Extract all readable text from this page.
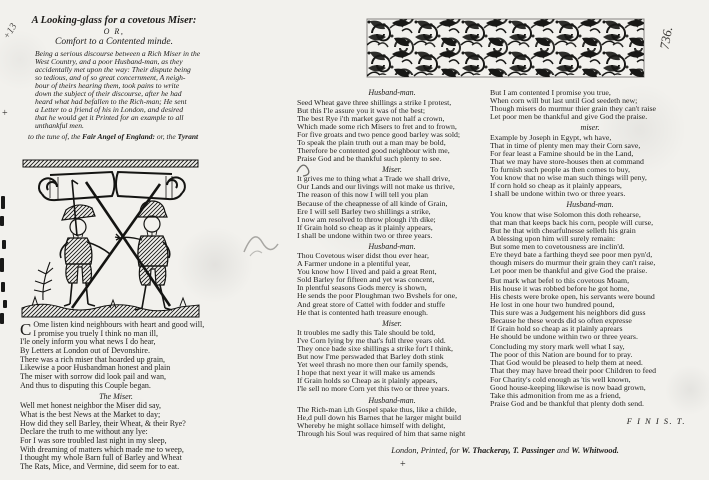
+13
+
736.
+
A Looking-glass for a covetous Miser:
O R,
Comfort to a Contented minde.
Being a serious discourse between a Rich Miser in the
West Country, and a poor Husband-man, as they
accidentally met upon the way: Their dispute being
so tedious, and of so great concernment, A neigh-
bour of theirs hearing them, took pains to write
down the subject of their discourse, after he had
heard what had befallen to the Rich-man; He sent
a Letter to a friend of his in London, and desired
that he would get it Printed for an example to all
unthankful men.
to the tune of, the Fair Angel of England: or, the Tyrant
C Ome listen kind neighbours with heart and good will,
I promise you truely I think no man ill,
I'le onely inform you what news I do hear,
By Letters at London out of Devonshire.
There was a rich miser that hoarded up grain,
Likewise a poor Husbandman honest and plain
The miser with sorrow did look pail and wan,
And thus to disputing this Couple began.
The Miser.
Well met honest neighbor the Miser did say,
What is the best News at the Market to day;
How did they sell Barley, their Wheat, & their Rye?
Declare the truth to me without any lye:
For I was sore troubled last night in my sleep,
With dreaming of matters which made me to weep,
I thought my whole Barn full of Barley and Wheat
The Rats, Mice, and Vermine, did seem for to eat.
Husband-man.
Seed Wheat gave three shillings a strike I protest,
But this I'le assure you it was of the best;
The best Rye i'th market gave not half a crown,
Which made some rich Misers to fret and to frown,
For five groats and two pence good barley was sold;
To speak the plain truth out a man may be bold,
Therefore be contented good neighbour with me,
Praise God and be thankful such plenty to see.
Miser.
It grives me to thing what a Trade we shall drive,
Our Lands and our livings will not make us thrive,
The reason of this now I will tell you plan
Because of the cheapnesse of all kinde of Grain,
Ere I will sell Barley two shillings a strike,
I now am resolved to throw plough i'th dike;
If Grain hold so cheap as it plainly appears,
I shall be undone within two or three years.
Husband-man.
Thou Covetous wiser didst thou ever hear,
A Farmer undone in a plentiful year,
You know how I lived and paid a great Rent,
Sold Barley for fifteen and yet was concent,
In plentful seasons Gods mercy is shown,
He sends the poor Ploughman two Bvshels for one,
And great store of Cattel with fodder and stuffe
He that is contented hath treasure enough.
Miser.
It troubles me sadly this Tale should be told,
I've Corn lying by me that's full three years old.
They once bade sixe shillings a strike for't I think,
But now I'me perswaded that Barley doth stink
Yet weel thrash no more then our family spends,
I hope that next year it will make us amends
If Grain holds so Cheap as it plainly appears,
I'le sell no more Corn yet this two or three years.
Husband-man.
The Rich-man i,th Gospel spake thus, like a childe,
He,d pull down his Barnes that he larger might build
Whereby he might sollace himself with delight,
Through his Soul was required of him that same night
But I am contented I promise you true,
When corn will but last until God seedeth new;
Though misers do murmur thier grain they can't raise
Let poor men be thankful and give God the praise.
miser.
Example by Joseph in Egypt, wh have,
That in time of plenty men may their Corn save,
For fear least a Famine should be in the Land,
That we may have store-houses then at command
To furnish such people as then comes to buy,
You know that no wise man such things will peny,
If corn hold so cheap as it plainly appears,
I shall be undone within two or three years.
Husband-man.
You know that wise Solomon this doth rehearse,
that man that keeps back his corn, people will curse,
But he that with chearfulnesse selleth his grain
A blessing upon him will surely remain:
But some men to covetousness are inclin'd.
E're theyd bate a farthing theyd see poor men pyn'd,
though misers do murmur their grain they can't raise,
Let poor men be thankful and give God the praise.
But mark what befel to this covetous Moam,
His house it was robbed before he got home,
His chests were broke open, his servants were bound
He lost in one hour two hundred pound,
This sure was a Judgement his neighbors did guss
Because he these words did so often expresse
If Grain hold so cheap as it plainly aprears
He should be undone within two or three years.
Concluding my story mark well what I say,
The poor of this Nation are bound for to pray.
That God would be pleased to help them at need.
That they may have bread their poor Children to feed
For Charity's cold enough as 'tis well known,
Good house-keeping likewise is now baad grown,
Take this admonition from me as a friend,
Praise God and be thankful that plenty doth send.
F I N I S. T.
London, Printed, for W. Thackeray, T. Passinger and W. Whitwood.
